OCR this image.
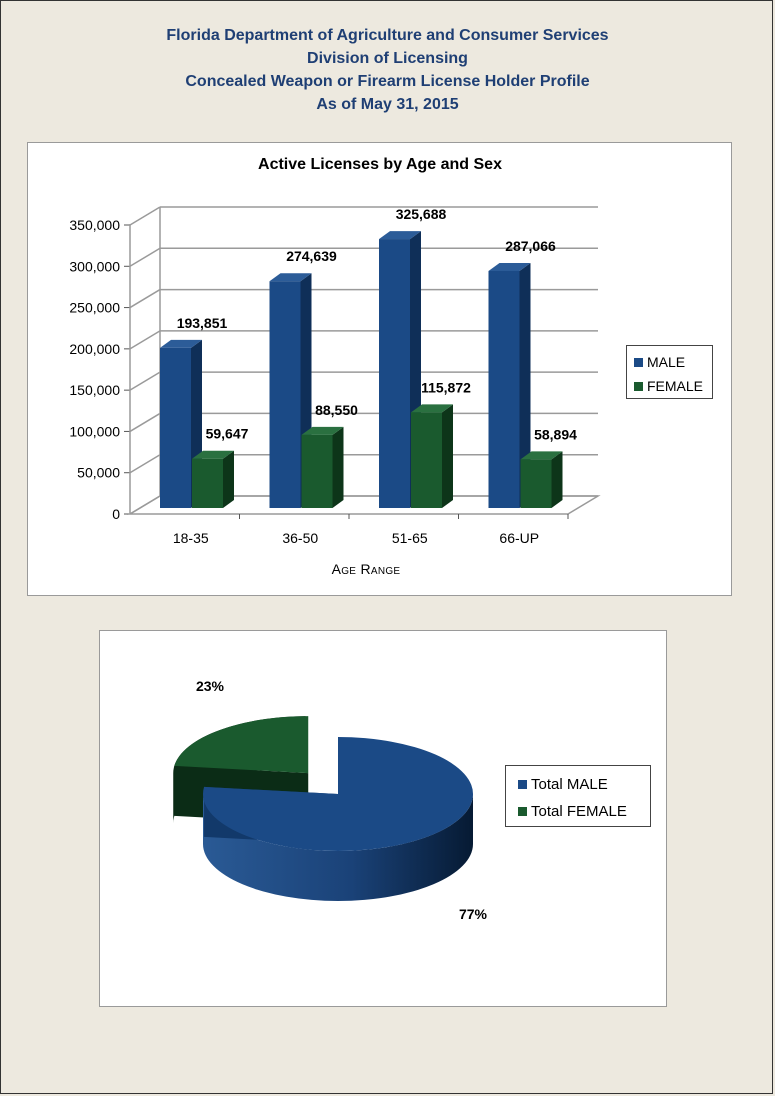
Florida Department of Agriculture and Consumer Services
Division of Licensing
Concealed Weapon or Firearm License Holder Profile
As of May 31, 2015
Active Licenses by Age and Sex
0
50,000
100,000
150,000
200,000
250,000
300,000
350,000
18-35
193,851
59,647
36-50
274,639
88,550
51-65
325,688
115,872
66-UP
287,066
58,894
Age Range
MALE
FEMALE
23%
77%
Total MALE
Total FEMALE
